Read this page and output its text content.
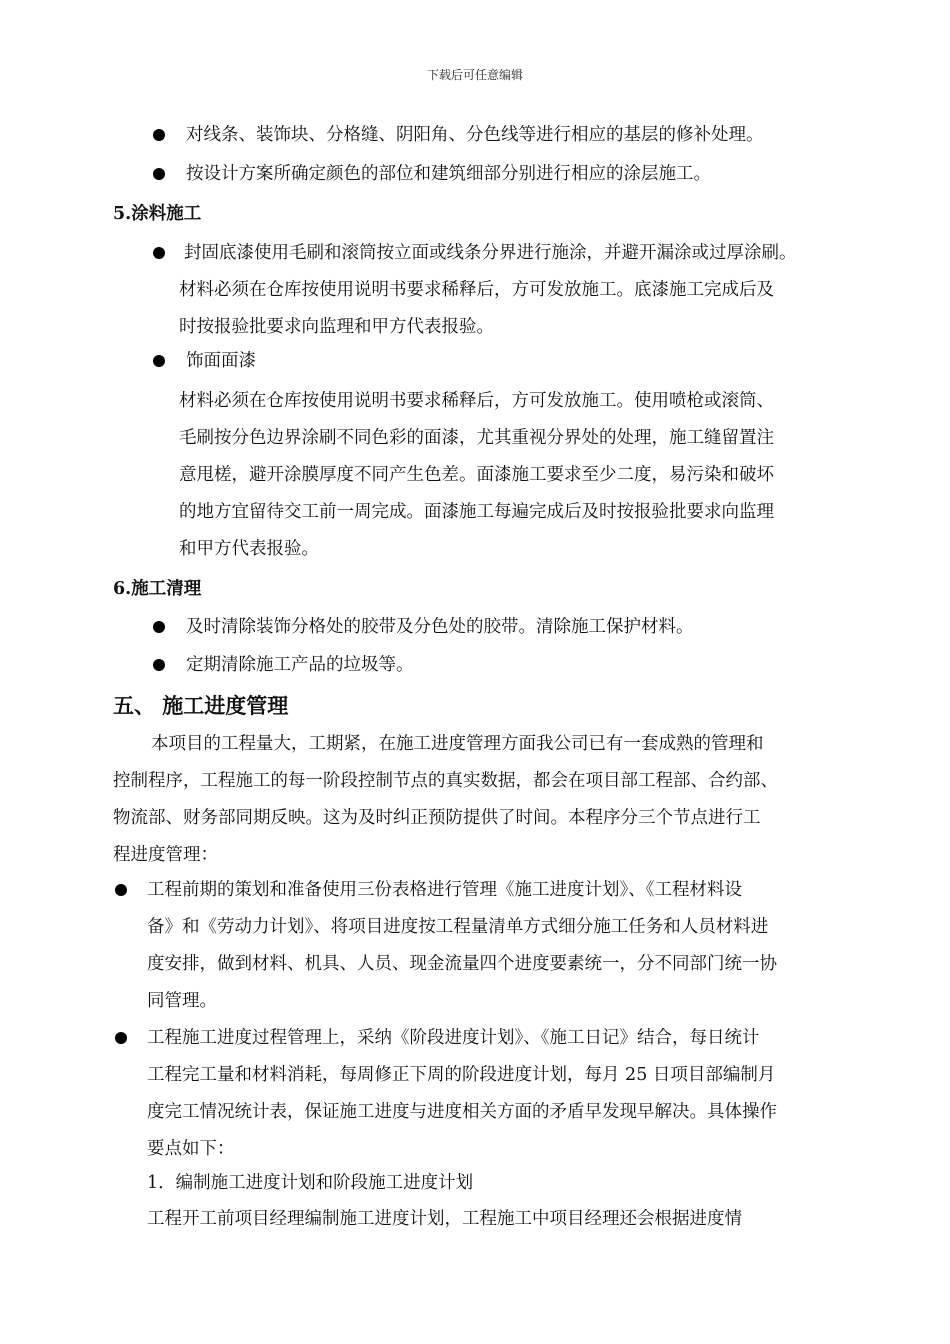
下载后可任意编辑
对线条、装饰块、分格缝、阴阳角、分色线等进行相应的基层的修补处理。
按设计方案所确定颜色的部位和建筑细部分别进行相应的涂层施工。
5.涂料施工
封固底漆使用毛刷和滚筒按立面或线条分界进行施涂，并避开漏涂或过厚涂刷。
材料必须在仓库按使用说明书要求稀释后，方可发放施工。底漆施工完成后及
时按报验批要求向监理和甲方代表报验。
饰面面漆
材料必须在仓库按使用说明书要求稀释后，方可发放施工。使用喷枪或滚筒、
毛刷按分色边界涂刷不同色彩的面漆，尤其重视分界处的处理，施工缝留置注
意甩槎，避开涂膜厚度不同产生色差。面漆施工要求至少二度，易污染和破坏
的地方宜留待交工前一周完成。面漆施工每遍完成后及时按报验批要求向监理
和甲方代表报验。
6.施工清理
及时清除装饰分格处的胶带及分色处的胶带。清除施工保护材料。
定期清除施工产品的垃圾等。
五、 施工进度管理
本项目的工程量大，工期紧，在施工进度管理方面我公司已有一套成熟的管理和
控制程序，工程施工的每一阶段控制节点的真实数据，都会在项目部工程部、合约部、
物流部、财务部同期反映。这为及时纠正预防提供了时间。本程序分三个节点进行工
程进度管理：
工程前期的策划和准备使用三份表格进行管理《施工进度计划》、《工程材料设
备》和《劳动力计划》、将项目进度按工程量清单方式细分施工任务和人员材料进
度安排，做到材料、机具、人员、现金流量四个进度要素统一，分不同部门统一协
同管理。
工程施工进度过程管理上，采纳《阶段进度计划》、《施工日记》结合，每日统计
工程完工量和材料消耗，每周修正下周的阶段进度计划，每月 25 日项目部编制月
度完工情况统计表，保证施工进度与进度相关方面的矛盾早发现早解决。具体操作
要点如下：
1．编制施工进度计划和阶段施工进度计划
工程开工前项目经理编制施工进度计划，工程施工中项目经理还会根据进度情
